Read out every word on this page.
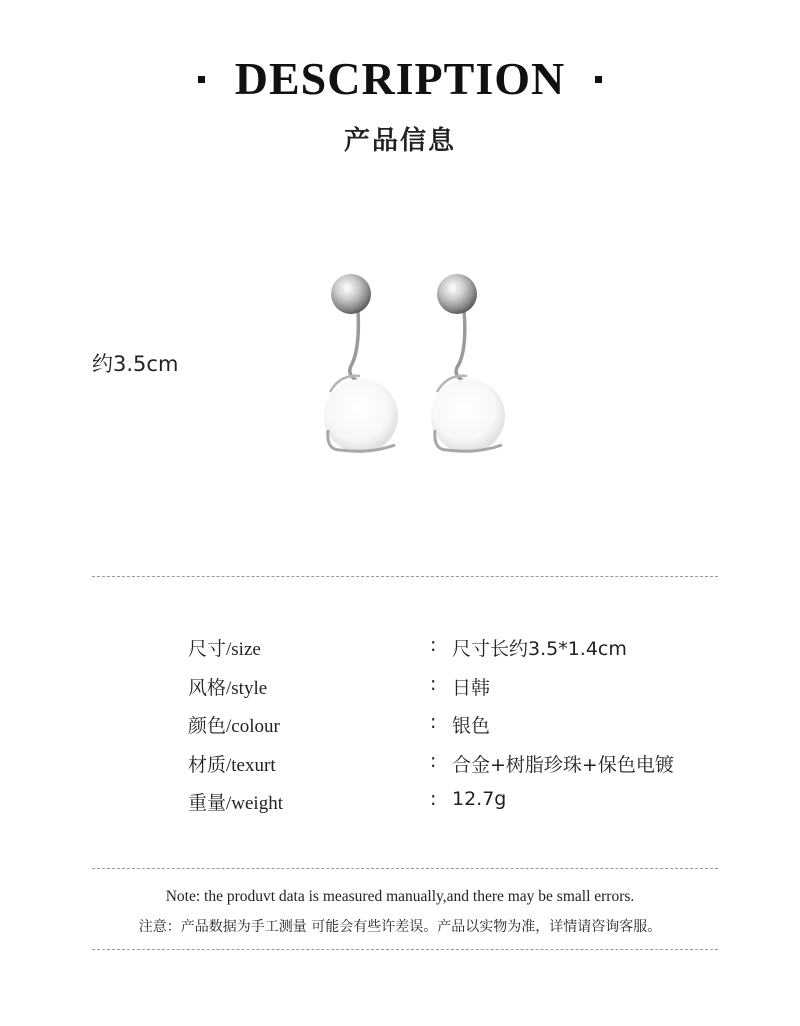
DESCRIPTION
产品信息
约3.5cm
尺寸/size	: 尺寸长约3.5*1.4cm
风格/style	: 日韩
颜色/colour	: 银色
材质/texurt	: 合金+树脂珍珠+保色电镀
重量/weight	: 12.7g
Note: the produvt data is measured manually,and there may be small errors.
注意：产品数据为手工测量 可能会有些许差误。产品以实物为准，详情请咨询客服。
